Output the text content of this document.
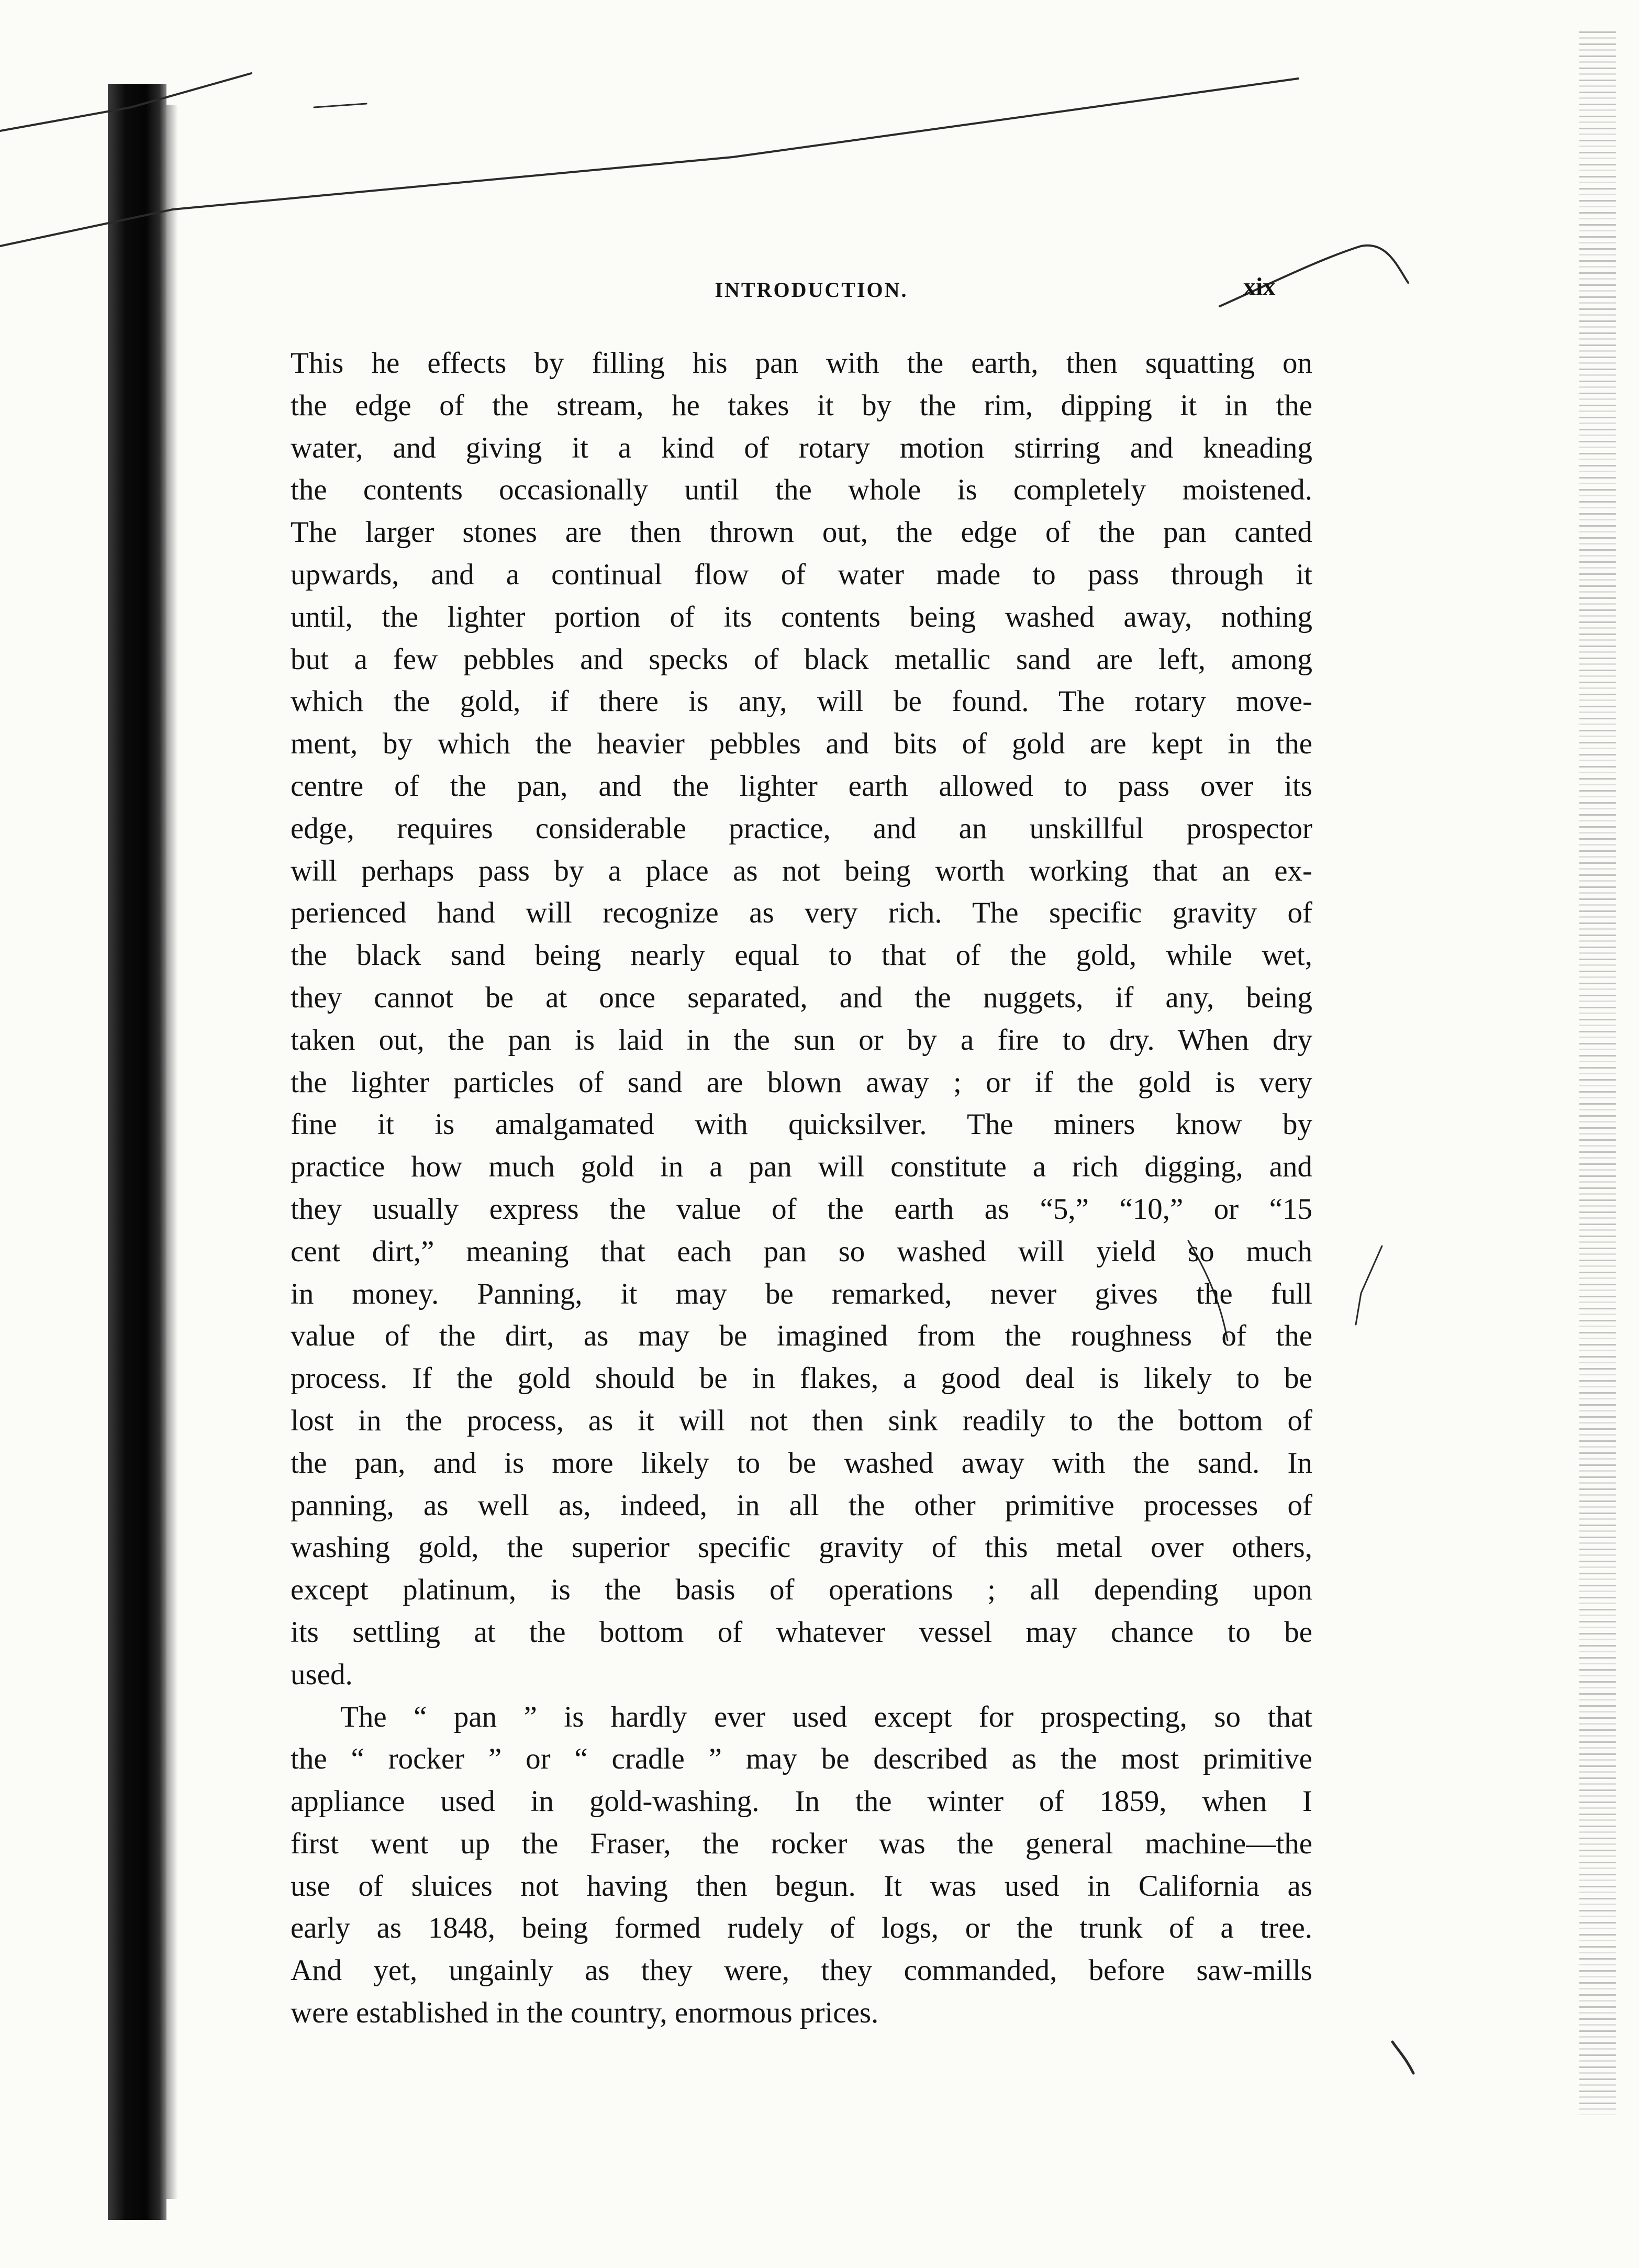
INTRODUCTION.	xix
This he effects by filling his pan with the earth, then squatting on
the edge of the stream, he takes it by the rim, dipping it in the
water, and giving it a kind of rotary motion stirring and kneading
the contents occasionally until the whole is completely moistened.
The larger stones are then thrown out, the edge of the pan canted
upwards, and a continual flow of water made to pass through it
until, the lighter portion of its contents being washed away, nothing
but a few pebbles and specks of black metallic sand are left, among
which the gold, if there is any, will be found. The rotary move-
ment, by which the heavier pebbles and bits of gold are kept in the
centre of the pan, and the lighter earth allowed to pass over its
edge, requires considerable practice, and an unskillful prospector
will perhaps pass by a place as not being worth working that an ex-
perienced hand will recognize as very rich. The specific gravity of
the black sand being nearly equal to that of the gold, while wet,
they cannot be at once separated, and the nuggets, if any, being
taken out, the pan is laid in the sun or by a fire to dry. When dry
the lighter particles of sand are blown away ; or if the gold is very
fine it is amalgamated with quicksilver. The miners know by
practice how much gold in a pan will constitute a rich digging, and
they usually express the value of the earth as “5,” “10,” or “15
cent dirt,” meaning that each pan so washed will yield so much
in money. Panning, it may be remarked, never gives the full
value of the dirt, as may be imagined from the roughness of the
process. If the gold should be in flakes, a good deal is likely to be
lost in the process, as it will not then sink readily to the bottom of
the pan, and is more likely to be washed away with the sand. In
panning, as well as, indeed, in all the other primitive processes of
washing gold, the superior specific gravity of this metal over others,
except platinum, is the basis of operations ; all depending upon
its settling at the bottom of whatever vessel may chance to be
used.
The “ pan ” is hardly ever used except for prospecting, so that
the “ rocker ” or “ cradle ” may be described as the most primitive
appliance used in gold-washing. In the winter of 1859, when I
first went up the Fraser, the rocker was the general machine—the
use of sluices not having then begun. It was used in California as
early as 1848, being formed rudely of logs, or the trunk of a tree.
And yet, ungainly as they were, they commanded, before saw-mills
were established in the country, enormous prices.
